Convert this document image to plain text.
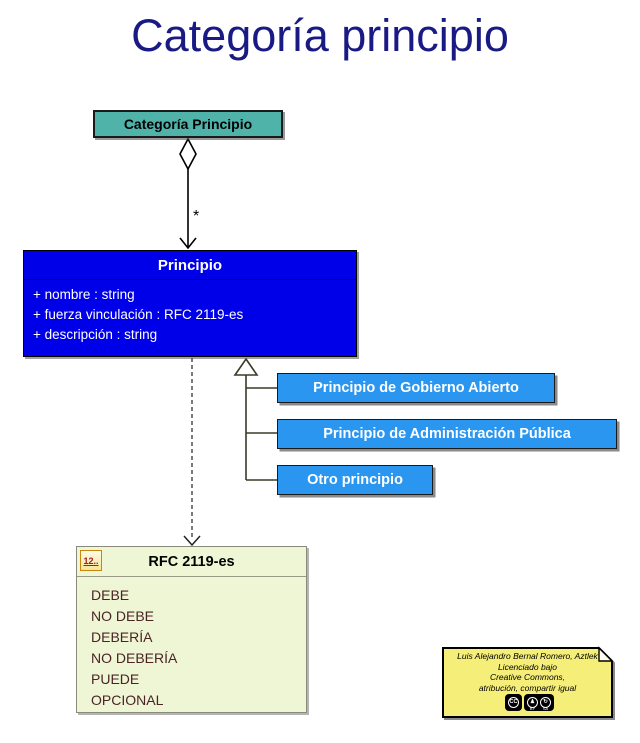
Categoría principio
Categoría Principio
*
Principio
+ nombre : string
+ fuerza vinculación : RFC 2119-es
+ descripción : string
Principio de Gobierno Abierto
Principio de Administración Pública
Otro principio
12..	RFC 2119-es
DEBE
NO DEBE
DEBERÍA
NO DEBERÍA
PUEDE
OPCIONAL
Luis Alejandro Bernal Romero, Aztlek
Licenciado bajo
Creative Commons,
atribución, compartir igual
CC	♟
BY
↻
SA
